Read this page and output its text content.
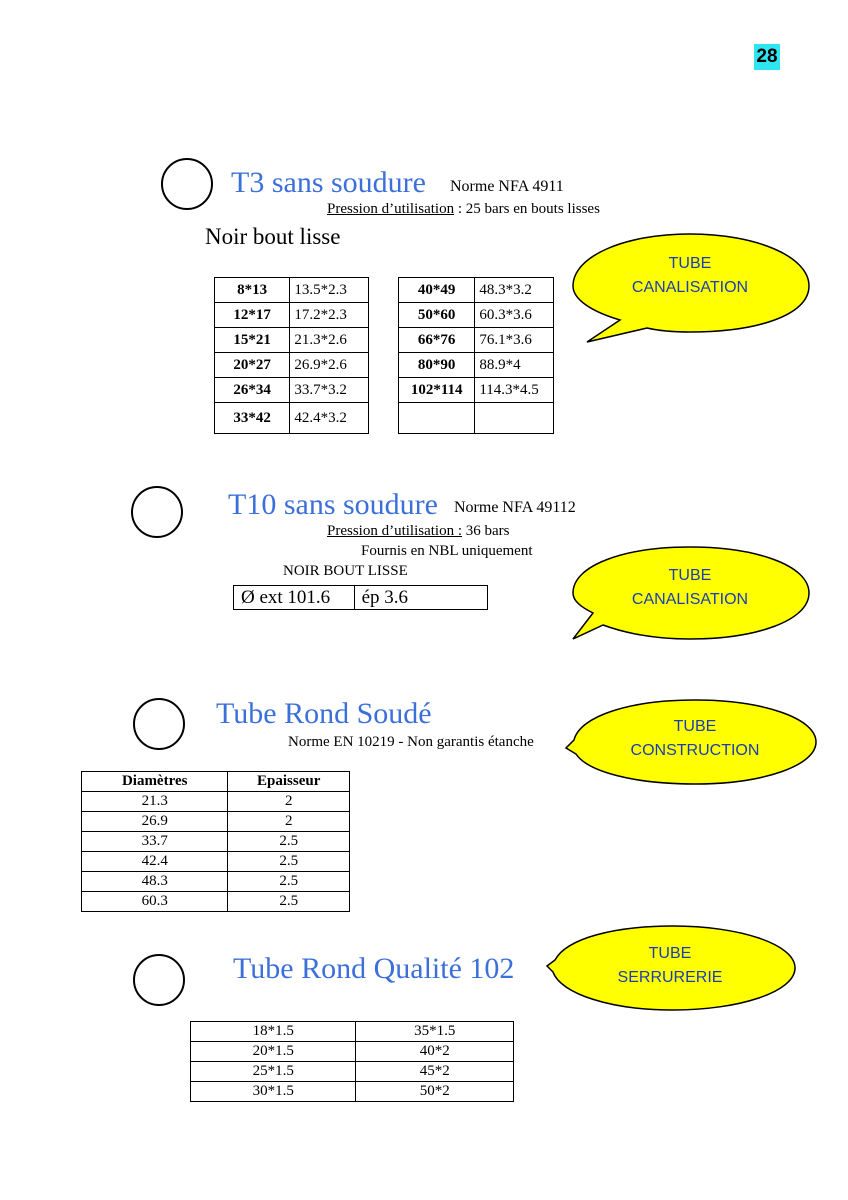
28
T3 sans soudure Norme NFA 4911
Pression d’utilisation : 25 bars en bouts lisses
Noir bout lisse
8*13	13.5*2.3
12*17	17.2*2.3
15*21	21.3*2.6
20*27	26.9*2.6
26*34	33.7*3.2
33*42	42.4*3.2
40*49	48.3*3.2
50*60	60.3*3.6
66*76	76.1*3.6
80*90	88.9*4
102*114	114.3*4.5

TUBE
CANALISATION
T10 sans soudure Norme NFA 49112
Pression d’utilisation : 36 bars
Fournis en NBL uniquement
NOIR BOUT LISSE
Ø ext 101.6	ép 3.6
TUBE
CANALISATION
Tube Rond Soudé
Norme EN 10219 - Non garantis étanche
Diamètres	Epaisseur
21.3	2
26.9	2
33.7	2.5
42.4	2.5
48.3	2.5
60.3	2.5
TUBE
CONSTRUCTION
Tube Rond Qualité 102
18*1.5	35*1.5
20*1.5	40*2
25*1.5	45*2
30*1.5	50*2
TUBE
SERRURERIE
